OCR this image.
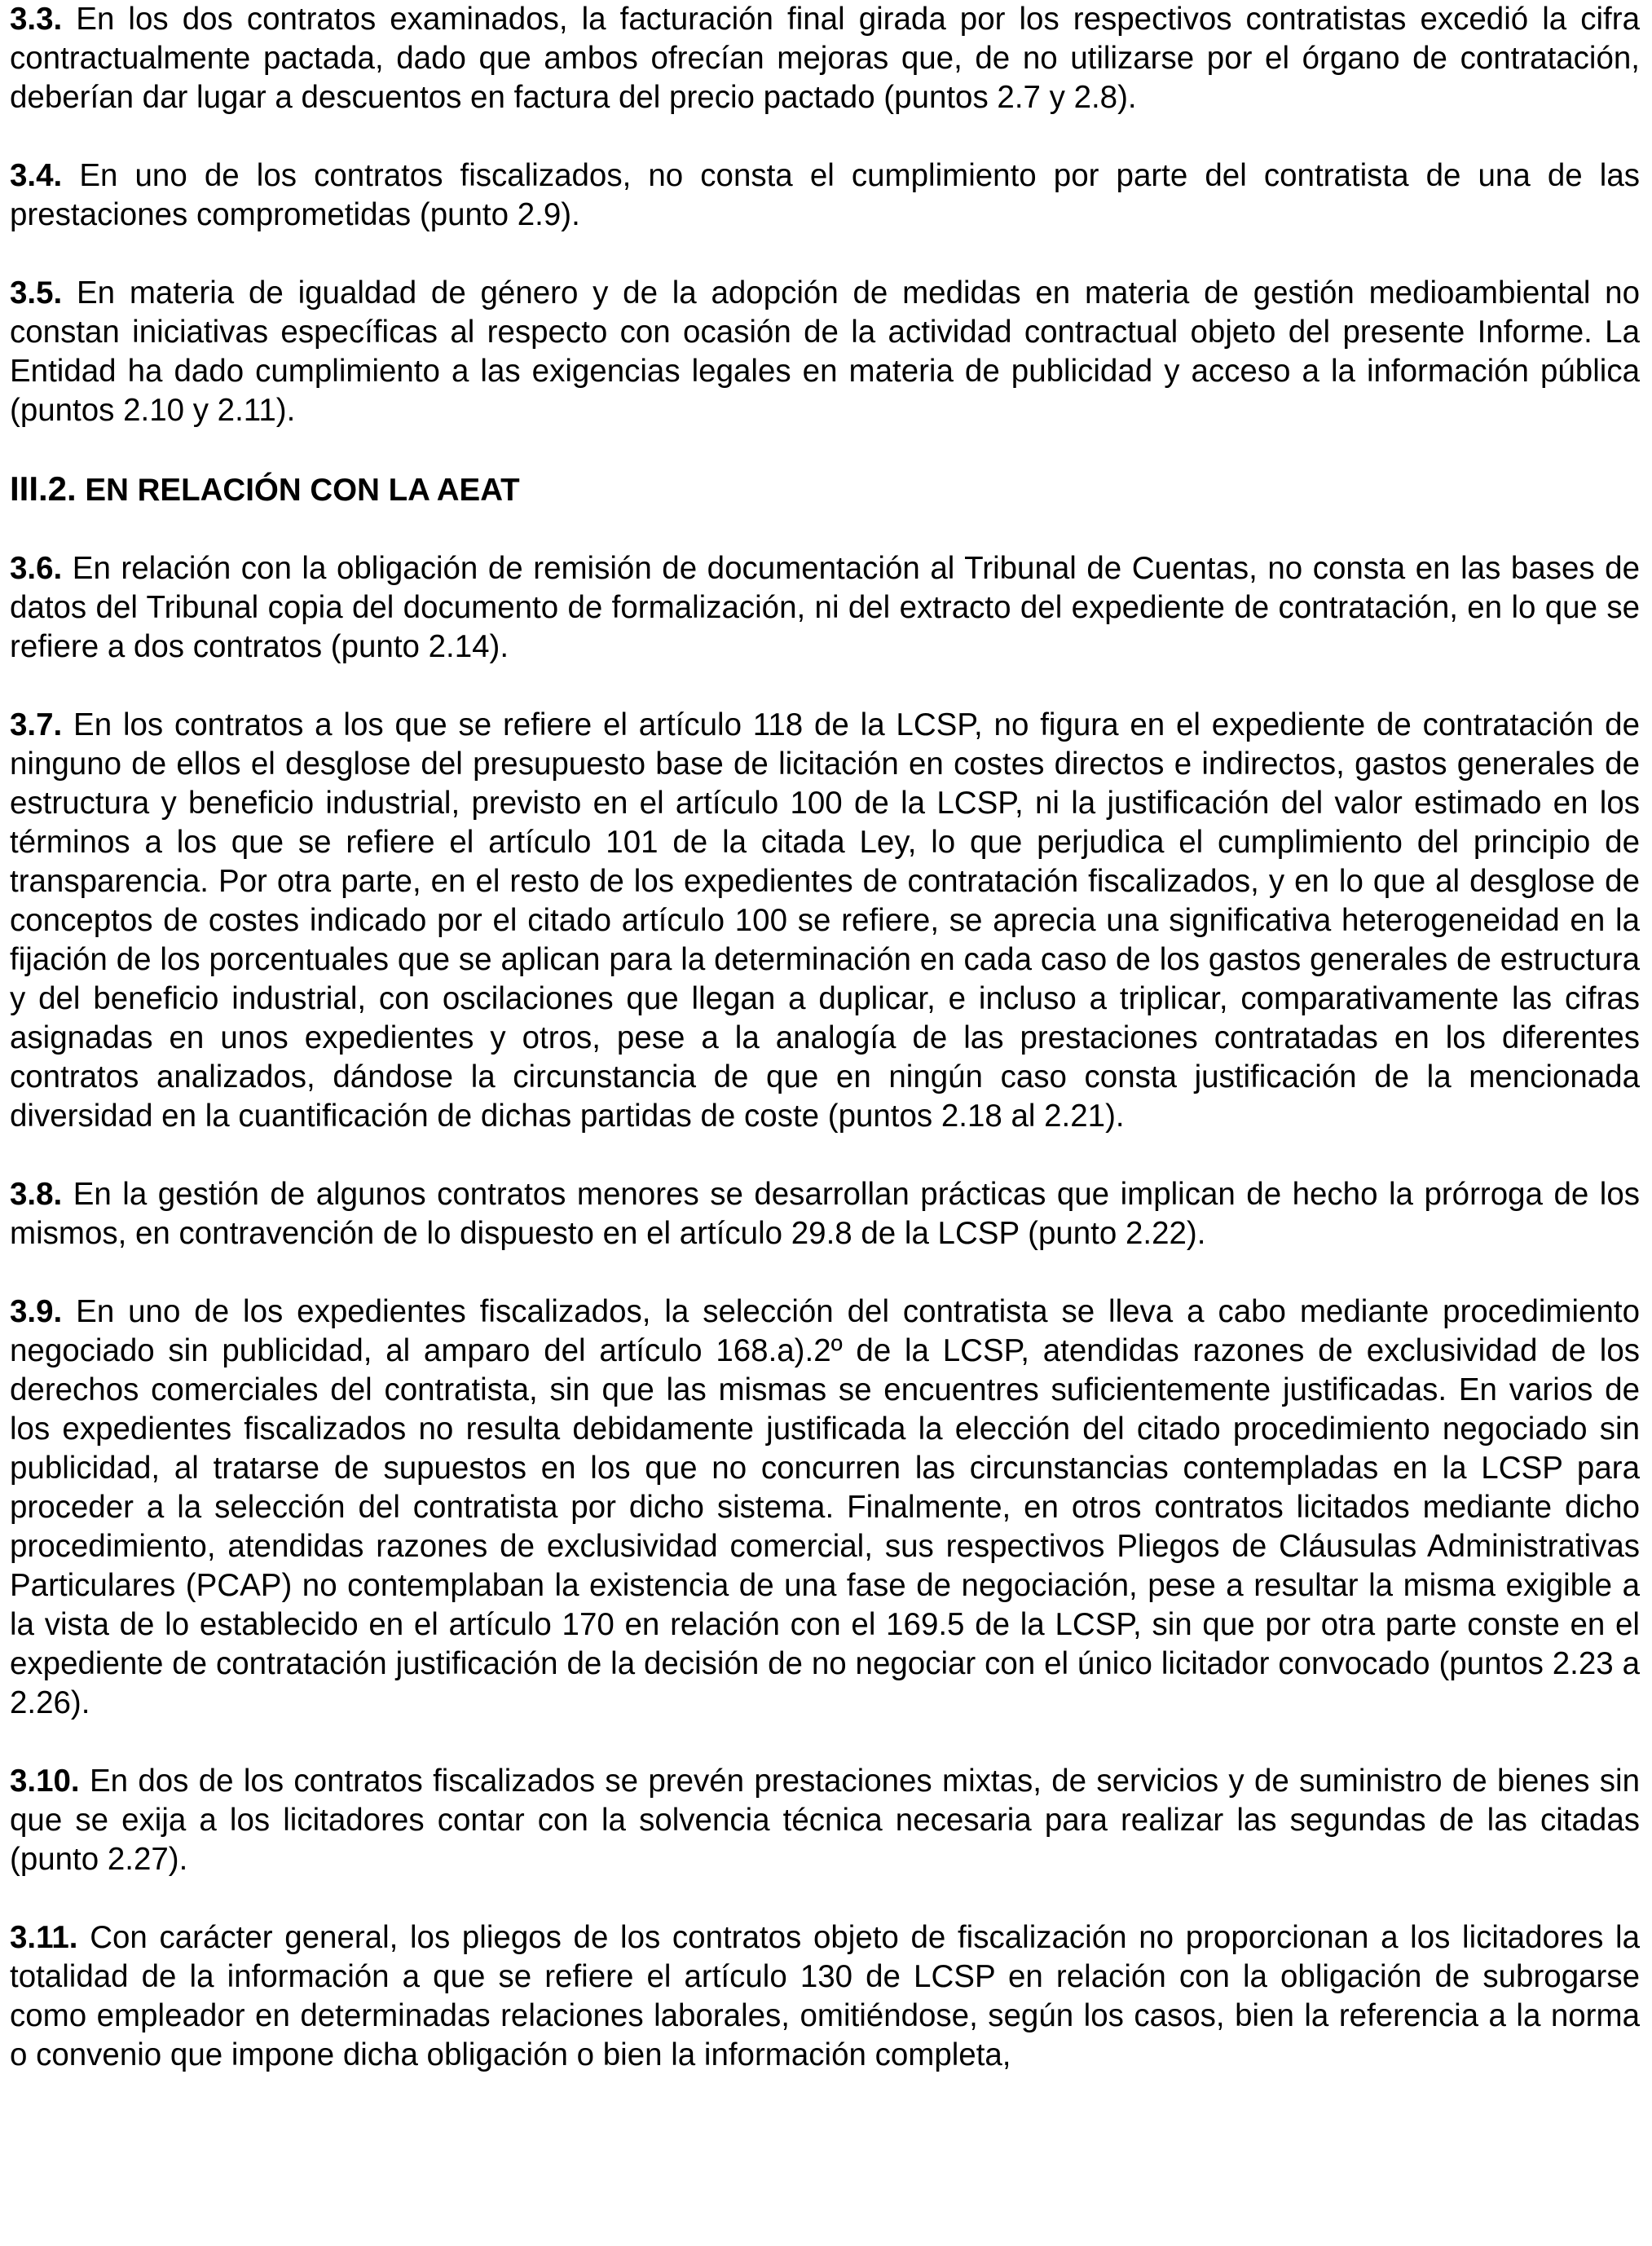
3.3. En los dos contratos examinados, la facturación final girada por los respectivos contratistas excedió la cifra contractualmente pactada, dado que ambos ofrecían mejoras que, de no utilizarse por el órgano de contratación, deberían dar lugar a descuentos en factura del precio pactado (puntos 2.7 y 2.8).

3.4. En uno de los contratos fiscalizados, no consta el cumplimiento por parte del contratista de una de las prestaciones comprometidas (punto 2.9).

3.5. En materia de igualdad de género y de la adopción de medidas en materia de gestión medioambiental no constan iniciativas específicas al respecto con ocasión de la actividad contractual objeto del presente Informe. La Entidad ha dado cumplimiento a las exigencias legales en materia de publicidad y acceso a la información pública (puntos 2.10 y 2.11).

III.2. EN RELACIÓN CON LA AEAT

3.6. En relación con la obligación de remisión de documentación al Tribunal de Cuentas, no consta en las bases de datos del Tribunal copia del documento de formalización, ni del extracto del expediente de contratación, en lo que se refiere a dos contratos (punto 2.14).

3.7. En los contratos a los que se refiere el artículo 118 de la LCSP, no figura en el expediente de contratación de ninguno de ellos el desglose del presupuesto base de licitación en costes directos e indirectos, gastos generales de estructura y beneficio industrial, previsto en el artículo 100 de la LCSP, ni la justificación del valor estimado en los términos a los que se refiere el artículo 101 de la citada Ley, lo que perjudica el cumplimiento del principio de transparencia. Por otra parte, en el resto de los expedientes de contratación fiscalizados, y en lo que al desglose de conceptos de costes indicado por el citado artículo 100 se refiere, se aprecia una significativa heterogeneidad en la fijación de los porcentuales que se aplican para la determinación en cada caso de los gastos generales de estructura y del beneficio industrial, con oscilaciones que llegan a duplicar, e incluso a triplicar, comparativamente las cifras asignadas en unos expedientes y otros, pese a la analogía de las prestaciones contratadas en los diferentes contratos analizados, dándose la circunstancia de que en ningún caso consta justificación de la mencionada diversidad en la cuantificación de dichas partidas de coste (puntos 2.18 al 2.21).

3.8. En la gestión de algunos contratos menores se desarrollan prácticas que implican de hecho la prórroga de los mismos, en contravención de lo dispuesto en el artículo 29.8 de la LCSP (punto 2.22).

3.9. En uno de los expedientes fiscalizados, la selección del contratista se lleva a cabo mediante procedimiento negociado sin publicidad, al amparo del artículo 168.a).2º de la LCSP, atendidas razones de exclusividad de los derechos comerciales del contratista, sin que las mismas se encuentres suficientemente justificadas. En varios de los expedientes fiscalizados no resulta debidamente justificada la elección del citado procedimiento negociado sin publicidad, al tratarse de supuestos en los que no concurren las circunstancias contempladas en la LCSP para proceder a la selección del contratista por dicho sistema. Finalmente, en otros contratos licitados mediante dicho procedimiento, atendidas razones de exclusividad comercial, sus respectivos Pliegos de Cláusulas Administrativas Particulares (PCAP) no contemplaban la existencia de una fase de negociación, pese a resultar la misma exigible a la vista de lo establecido en el artículo 170 en relación con el 169.5 de la LCSP, sin que por otra parte conste en el expediente de contratación justificación de la decisión de no negociar con el único licitador convocado (puntos 2.23 a 2.26).

3.10. En dos de los contratos fiscalizados se prevén prestaciones mixtas, de servicios y de suministro de bienes sin que se exija a los licitadores contar con la solvencia técnica necesaria para realizar las segundas de las citadas (punto 2.27).

3.11. Con carácter general, los pliegos de los contratos objeto de fiscalización no proporcionan a los licitadores la totalidad de la información a que se refiere el artículo 130 de LCSP en relación con la obligación de subrogarse como empleador en determinadas relaciones laborales, omitiéndose, según los casos, bien la referencia a la norma o convenio que impone dicha obligación o bien la información completa,
